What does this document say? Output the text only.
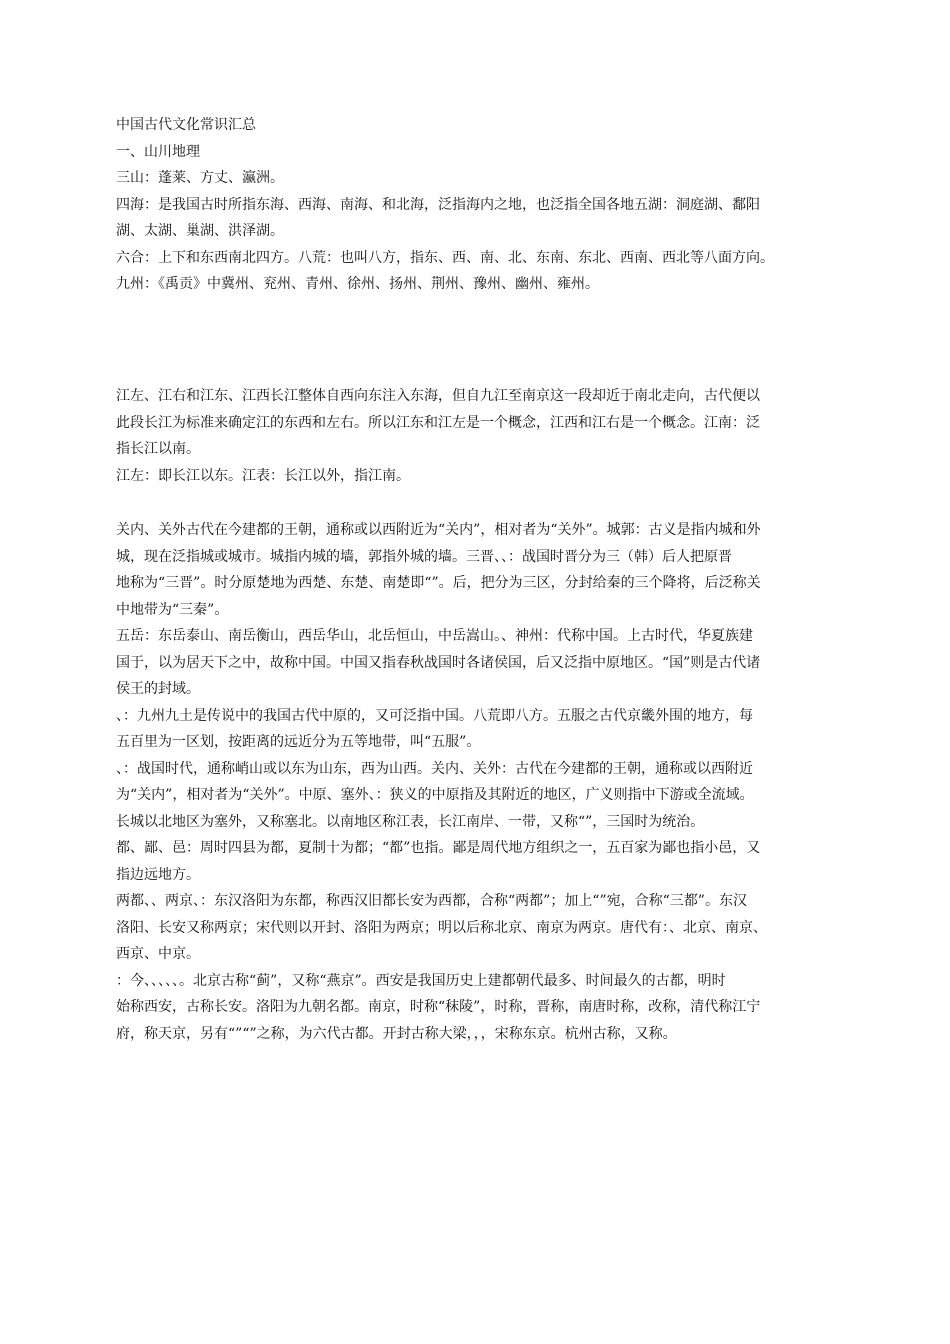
中国古代文化常识汇总
一、山川地理
三山：蓬莱、方丈、瀛洲。
四海：是我国古时所指东海、西海、南海、和北海，泛指海内之地，也泛指全国各地五湖：洞庭湖、鄱阳
湖、太湖、巢湖、洪泽湖。
六合：上下和东西南北四方。八荒：也叫八方，指东、西、南、北、东南、东北、西南、西北等八面方向。
九州：《禹贡》中冀州、兖州、青州、徐州、扬州、荆州、豫州、幽州、雍州。
江左、江右和江东、江西长江整体自西向东注入东海，但自九江至南京这一段却近于南北走向，古代便以
此段长江为标准来确定江的东西和左右。所以江东和江左是一个概念，江西和江右是一个概念。江南：泛
指长江以南。
江左：即长江以东。江表：长江以外，指江南。
关内、关外古代在今建都的王朝，通称或以西附近为“关内”，相对者为“关外”。城郭：古义是指内城和外
城，现在泛指城或城市。城指内城的墙，郭指外城的墙。三晋、、：战国时晋分为三（韩）后人把原晋
地称为“三晋”。时分原楚地为西楚、东楚、南楚即“”。后，把分为三区，分封给秦的三个降将，后泛称关
中地带为“三秦”。
五岳：东岳泰山、南岳衡山，西岳华山，北岳恒山，中岳嵩山。、神州：代称中国。上古时代，华夏族建
国于，以为居天下之中，故称中国。中国又指春秋战国时各诸侯国，后又泛指中原地区。“国”则是古代诸
侯王的封域。
、：九州九土是传说中的我国古代中原的，又可泛指中国。八荒即八方。五服之古代京畿外围的地方，每
五百里为一区划，按距离的远近分为五等地带，叫“五服”。
、：战国时代，通称峭山或以东为山东，西为山西。关内、关外：古代在今建都的王朝，通称或以西附近
为“关内”，相对者为“关外”。中原、塞外、：狭义的中原指及其附近的地区，广义则指中下游或全流域。
长城以北地区为塞外，又称塞北。以南地区称江表，长江南岸、一带，又称“”，三国时为统治。
都、鄙、邑：周时四县为都，夏制十为都；“都”也指。鄙是周代地方组织之一，五百家为鄙也指小邑，又
指边远地方。
两都、、两京、：东汉洛阳为东都，称西汉旧都长安为西都，合称“两都”；加上“”宛，合称“三都”。东汉
洛阳、长安又称两京；宋代则以开封、洛阳为两京；明以后称北京、南京为两京。唐代有：、北京、南京、
西京、中京。
：今、、、、、。北京古称“蓟”，又称“燕京”。西安是我国历史上建都朝代最多、时间最久的古都，明时
始称西安，古称长安。洛阳为九朝名都。南京，时称“秣陵”，时称，晋称，南唐时称，改称，清代称江宁
府，称天京，另有“”“”之称，为六代古都。开封古称大梁，，，宋称东京。杭州古称，又称。
